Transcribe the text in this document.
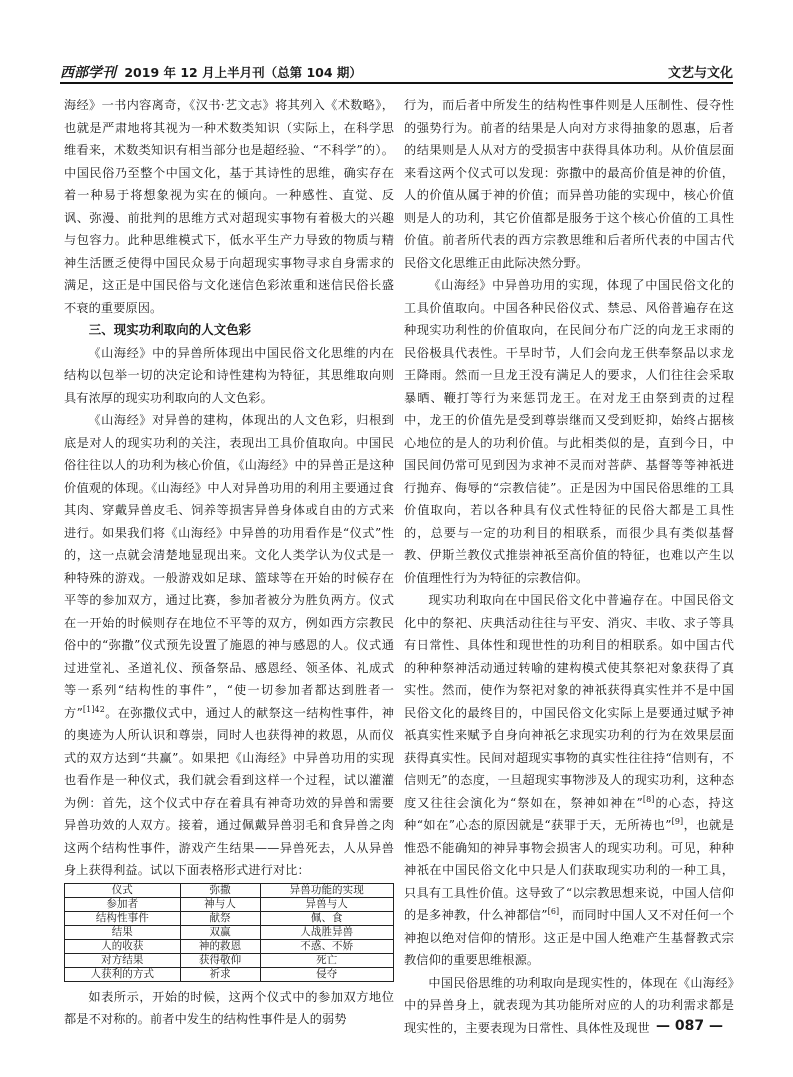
西部学刊 2019 年 12 月上半月刊（总第 104 期）	文艺与文化

海经》一书内容离奇，《汉书·艺文志》将其列入《术数略》，也就是严肃地将其视为一种术数类知识（实际上，在科学思维看来，术数类知识有相当部分也是超经验、“不科学”的）。中国民俗乃至整个中国文化，基于其诗性的思维，确实存在着一种易于将想象视为实在的倾向。一种感性、直觉、反讽、弥漫、前批判的思维方式对超现实事物有着极大的兴趣与包容力。此种思维模式下，低水平生产力导致的物质与精神生活匮乏使得中国民众易于向超现实事物寻求自身需求的满足，这正是中国民俗与文化迷信色彩浓重和迷信民俗长盛不衰的重要原因。

三、现实功利取向的人文色彩

《山海经》中的异兽所体现出中国民俗文化思维的内在结构以包举一切的决定论和诗性建构为特征，其思维取向则具有浓厚的现实功利取向的人文色彩。

《山海经》对异兽的建构，体现出的人文色彩，归根到底是对人的现实功利的关注，表现出工具价值取向。中国民俗往往以人的功利为核心价值，《山海经》中的异兽正是这种价值观的体现。《山海经》中人对异兽功用的利用主要通过食其肉、穿戴异兽皮毛、饲养等损害异兽身体或自由的方式来进行。如果我们将《山海经》中异兽的功用看作是“仪式”性的，这一点就会清楚地显现出来。文化人类学认为仪式是一种特殊的游戏。一般游戏如足球、篮球等在开始的时候存在平等的参加双方，通过比赛，参加者被分为胜负两方。仪式在一开始的时候则存在地位不平等的双方，例如西方宗教民俗中的“弥撒”仪式预先设置了施恩的神与感恩的人。仪式通过进堂礼、圣道礼仪、预备祭品、感恩经、领圣体、礼成式等一系列“结构性的事件”，“使一切参加者都达到胜者一方”$^{[1]42}$。在弥撒仪式中，通过人的献祭这一结构性事件，神的奥迹为人所认识和尊崇，同时人也获得神的救恩，从而仪式的双方达到“共赢”。如果把《山海经》中异兽功用的实现也看作是一种仪式，我们就会看到这样一个过程，试以灌灌为例：首先，这个仪式中存在着具有神奇功效的异兽和需要异兽功效的人双方。接着，通过佩戴异兽羽毛和食异兽之肉这两个结构性事件，游戏产生结果——异兽死去，人从异兽身上获得利益。试以下面表格形式进行对比：

仪式	弥撒	异兽功能的实现
参加者	神与人	异兽与人
结构性事件	献祭	佩、食
结果	双赢	人战胜异兽
人的收获	神的救恩	不惑、不娇
对方结果	获得敬仰	死亡
人获利的方式	祈求	侵夺

如表所示，开始的时候，这两个仪式中的参加双方地位都是不对称的。前者中发生的结构性事件是人的弱势

行为，而后者中所发生的结构性事件则是人压制性、侵夺性的强势行为。前者的结果是人向对方求得抽象的恩惠，后者的结果则是人从对方的受损害中获得具体功利。从价值层面来看这两个仪式可以发现：弥撒中的最高价值是神的价值，人的价值从属于神的价值；而异兽功能的实现中，核心价值则是人的功利，其它价值都是服务于这个核心价值的工具性价值。前者所代表的西方宗教思维和后者所代表的中国古代民俗文化思维正由此际决然分野。

《山海经》中异兽功用的实现，体现了中国民俗文化的工具价值取向。中国各种民俗仪式、禁忌、风俗普遍存在这种现实功利性的价值取向，在民间分布广泛的向龙王求雨的民俗极具代表性。干旱时节，人们会向龙王供奉祭品以求龙王降雨。然而一旦龙王没有满足人的要求，人们往往会采取暴晒、鞭打等行为来惩罚龙王。在对龙王由祭到责的过程中，龙王的价值先是受到尊崇继而又受到贬抑，始终占据核心地位的是人的功利价值。与此相类似的是，直到今日，中国民间仍常可见到因为求神不灵而对菩萨、基督等等神祇进行抛弃、侮辱的“宗教信徒”。正是因为中国民俗思维的工具价值取向，若以各种具有仪式性特征的民俗大都是工具性的，总要与一定的功利目的相联系，而很少具有类似基督教、伊斯兰教仪式推崇神祇至高价值的特征，也难以产生以价值理性行为为特征的宗教信仰。

现实功利取向在中国民俗文化中普遍存在。中国民俗文化中的祭祀、庆典活动往往与平安、消灾、丰收、求子等具有日常性、具体性和现世性的功利目的相联系。如中国古代的种种祭神活动通过转喻的建构模式使其祭祀对象获得了真实性。然而，使作为祭祀对象的神祇获得真实性并不是中国民俗文化的最终目的，中国民俗文化实际上是要通过赋予神祇真实性来赋予自身向神祇乞求现实功利的行为在效果层面获得真实性。民间对超现实事物的真实性往往持“信则有，不信则无”的态度，一旦超现实事物涉及人的现实功利，这种态度又往往会演化为“祭如在，祭神如神在”[8]的心态，持这种“如在”心态的原因就是“获罪于天，无所祷也”[9]，也就是惟恐不能确知的神异事物会损害人的现实功利。可见，种种神祇在中国民俗文化中只是人们获取现实功利的一种工具，只具有工具性价值。这导致了“以宗教思想来说，中国人信仰的是多神教，什么神都信”[6]，而同时中国人又不对任何一个神抱以绝对信仰的情形。这正是中国人绝难产生基督教式宗教信仰的重要思维根源。

中国民俗思维的功利取向是现实性的，体现在《山海经》中的异兽身上，就表现为其功能所对应的人的功利需求都是现实性的，主要表现为日常性、具体性及现世 — 087 —
